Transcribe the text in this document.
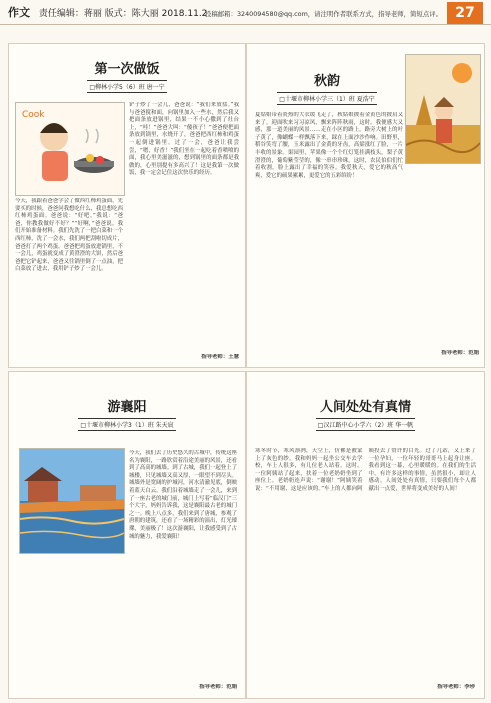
作文 责任编辑：蒋丽 版式：陈大丽 2018.11.2
投稿邮箱：3240094580@qq.com，请注明作者联系方式，指导老师，简短点评。 27
第一次做饭
□柳林小学5（6）班 唐一宁
Cook
今天，我跟着爸爸学会了做西红柿鸡蛋面。先要买的时候，爸爸问我想吃什么，我总想吃西红柿鸡蛋面。爸爸说：“好吧。”我说：“爸爸，你教我做好不好？”“好啊，”爸爸说。我们开始准备材料。我们先洗了一把白菜和一个西红柿，洗了一会水，我们两把刮啦切成片，爸爸打了两个鸡蛋。爸爸把鸡蛋放进锅里，不一会儿，鸡蛋就变成了黄澄澄的大饼，然后爸爸把它铲起来，爸爸又往锅里倒了一点油，把白菜放了进去，我用铲子炒了一会儿。
铲子炒了一会儿，爸爸说：“我们来放盐。”我与爸爸搅和面，向锅里加入一些水，然后我又把面条放进锅里，结果一不小心撒到了灶台上，“哇！”爸爸大叫：“傻孩子！”爸爸便把面条放到锅里，水烧开了，爸爸把西红柿和鸡蛋一起倒进锅里。过了一会，爸爸让我尝尝，“嗯，好香！”我们坐在一起吃着香喷喷的面，我心里美滋滋的，想到锅里的面条都是我做的，心里别提有多高兴了！这是我第一次做饭，我一定会记住这次快乐的经历。
指导老师：王慧
秋韵
□十堰市柳林小学三（1）班 夏浩宁
夏姑娘带着炎热的大衣缓飞走了，秋姑娘披着金黄色的披肩又来了。迎面吹来习习凉风，飘来阵阵秋雨，这时，我便感大又感，那一道美丽的风景……走在小区的路上，路旁大树上的叶子黄了，像蝴蝶一样飘落下来，踩在上面沙沙作响。田野里，稻谷笑弯了腰，玉米露出了金黄的牙齿，高粱涨红了脸，一片丰收的景象。果园里，苹果像一个个红灯笼挂满枝头，梨子黄澄澄的，葡萄紫莹莹的，像一串串珍珠。这时，农民伯伯们忙着收割，脸上露出了幸福的笑容。我爱秋天，爱它的秋高气爽，爱它的硕果累累，更爱它的五彩缤纷！
指导老师：范娟
游襄阳
□十堰市柳林小学3（1）班 朱天宸
今天，我们去了历史悠久的古城中，传统这座名为襄阳，一路欣赏着沿途美丽的风景，还看到了高高的城墙。到了古城，我们一起登上了城楼，只见城墙又高又厚，一眼望不到尽头。城墙外是宽阔的护城河，河水清澈见底，倒映着蓝天白云。我们沿着城墙走了一会儿，来到了一座古老的城门前，城门上写着“临汉门”三个大字，妈妈告诉我，这是襄阳最古老的城门之一。晚上八点多，我们来到了唐城，参观了唐朝的建筑，还看了一场精彩的演出，灯光璀璨，美丽极了！这次游襄阳，让我感受到了古城的魅力，我爱襄阳！
指导老师：范娟
人间处处有真情
□汉江路中心小学六（2）班 华一帆
寒冬时节，寒风凛冽，天空上，仿佛是被蒙上了灰色的纱。我和妈妈一起坐公交车去学校，车上人很多，有几位老人站着。这时，一位阿姨站了起来，扶着一位老奶奶坐到了座位上。老奶奶连声说：“谢谢！”阿姨笑着说：“不用谢，这是应该的。”车上的人都向阿姨投去了赞许的目光。过了几站，又上来了一位孕妇，一位年轻的哥哥马上起身让座。我看到这一幕，心里暖暖的。在我们的生活中，有许多这样的事情，虽然很小，却让人感动。人间处处有真情，只要我们每个人都献出一点爱，世界将变成美好的人间！
指导老师：李珍
